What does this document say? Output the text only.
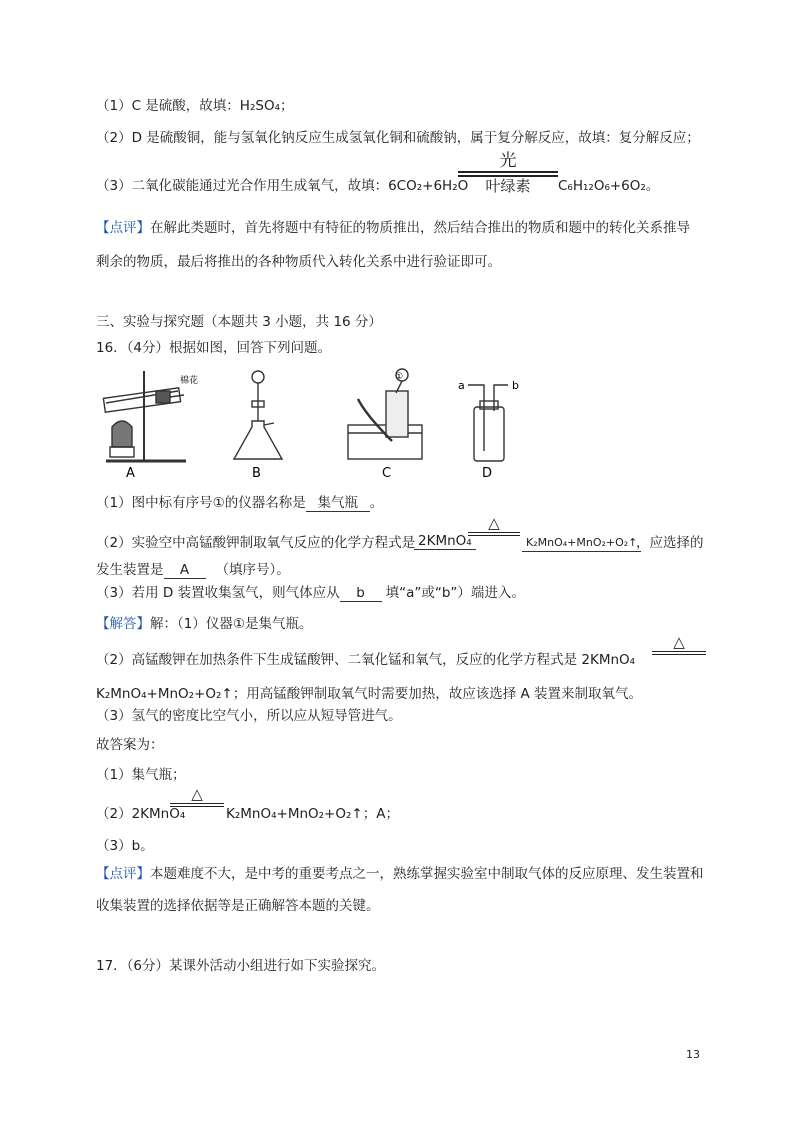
（1）C 是硫酸，故填：H₂SO₄；
（2）D 是硫酸铜，能与氢氧化钠反应生成氢氧化铜和硫酸钠，属于复分解反应，故填：复分解反应；
（3）二氧化碳能通过光合作用生成氧气，故填：6CO₂+6H₂O
光
叶绿素	C₆H₁₂O₆+6O₂。
【点评】在解此类题时，首先将题中有特征的物质推出，然后结合推出的物质和题中的转化关系推导
剩余的物质，最后将推出的各种物质代入转化关系中进行验证即可。
三、实验与探究题（本题共 3 小题，共 16 分）
16．（4分）根据如图，回答下列问题。
A
棉花
B
①
C
a	b
D
（1）图中标有序号①的仪器名称是 集气瓶 。
（2）实验空中高锰酸钾制取氧气反应的化学方程式是 2KMnO₄
△
K₂MnO₄+MnO₂+O₂↑
，应选择的
发生装置是 A （填序号）。
（3）若用 D 装置收集氢气，则气体应从 b 填“a”或“b”）端进入。
【解答】解：（1）仪器①是集气瓶。
（2）高锰酸钾在加热条件下生成锰酸钾、二氧化锰和氧气，反应的化学方程式是 2KMnO₄
△
K₂MnO₄+MnO₂+O₂↑；用高锰酸钾制取氧气时需要加热，故应该选择 A 装置来制取氧气。
（3）氢气的密度比空气小，所以应从短导管进气。
故答案为：
（1）集气瓶；
（2）2KMnO₄
△
K₂MnO₄+MnO₂+O₂↑；A；
（3）b。
【点评】本题难度不大，是中考的重要考点之一，熟练掌握实验室中制取气体的反应原理、发生装置和
收集装置的选择依据等是正确解答本题的关键。
17．（6分）某课外活动小组进行如下实验探究。
13
